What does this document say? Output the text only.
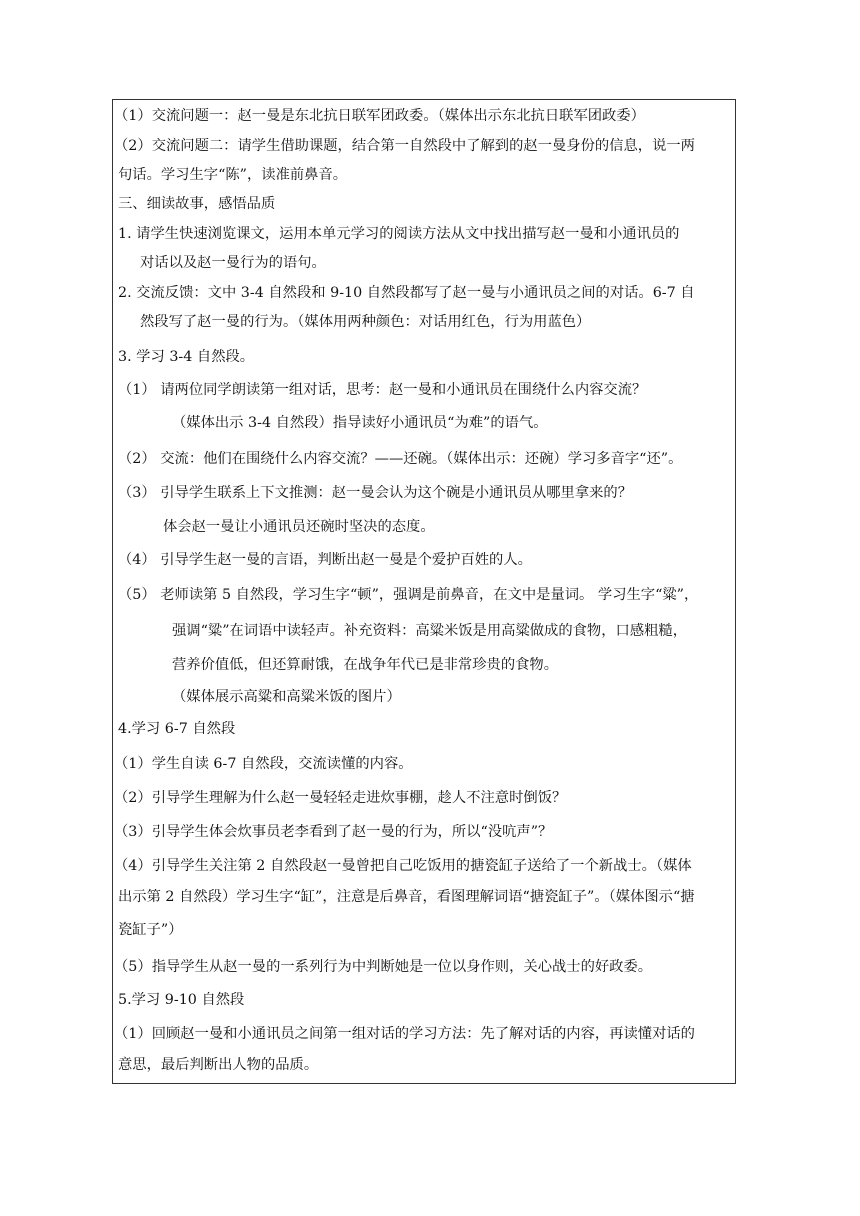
（1）交流问题一：赵一曼是东北抗日联军团政委。（媒体出示东北抗日联军团政委）
（2）交流问题二：请学生借助课题，结合第一自然段中了解到的赵一曼身份的信息，说一两
句话。学习生字“陈”，读准前鼻音。
三、细读故事，感悟品质
1. 请学生快速浏览课文，运用本单元学习的阅读方法从文中找出描写赵一曼和小通讯员的
对话以及赵一曼行为的语句。
2. 交流反馈：文中 3-4 自然段和 9-10 自然段都写了赵一曼与小通讯员之间的对话。6-7 自
然段写了赵一曼的行为。（媒体用两种颜色：对话用红色，行为用蓝色）
3. 学习 3-4 自然段。
（1） 请两位同学朗读第一组对话，思考：赵一曼和小通讯员在围绕什么内容交流？
（媒体出示 3-4 自然段）指导读好小通讯员“为难”的语气。
（2） 交流：他们在围绕什么内容交流？——还碗。（媒体出示：还碗）学习多音字“还”。
（3） 引导学生联系上下文推测：赵一曼会认为这个碗是小通讯员从哪里拿来的？
体会赵一曼让小通讯员还碗时坚决的态度。
（4） 引导学生赵一曼的言语，判断出赵一曼是个爱护百姓的人。
（5） 老师读第 5 自然段，学习生字“顿”，强调是前鼻音，在文中是量词。 学习生字“粱”，
强调“粱”在词语中读轻声。补充资料：高粱米饭是用高粱做成的食物，口感粗糙，
营养价值低，但还算耐饿，在战争年代已是非常珍贵的食物。
（媒体展示高粱和高粱米饭的图片）
4.学习 6-7 自然段
（1）学生自读 6-7 自然段，交流读懂的内容。
（2）引导学生理解为什么赵一曼轻轻走进炊事棚，趁人不注意时倒饭？
（3）引导学生体会炊事员老李看到了赵一曼的行为，所以“没吭声”？
（4）引导学生关注第 2 自然段赵一曼曾把自己吃饭用的搪瓷缸子送给了一个新战士。（媒体
出示第 2 自然段）学习生字“缸”，注意是后鼻音，看图理解词语“搪瓷缸子”。（媒体图示“搪
瓷缸子”）
（5）指导学生从赵一曼的一系列行为中判断她是一位以身作则，关心战士的好政委。
5.学习 9-10 自然段
（1）回顾赵一曼和小通讯员之间第一组对话的学习方法：先了解对话的内容，再读懂对话的
意思，最后判断出人物的品质。
